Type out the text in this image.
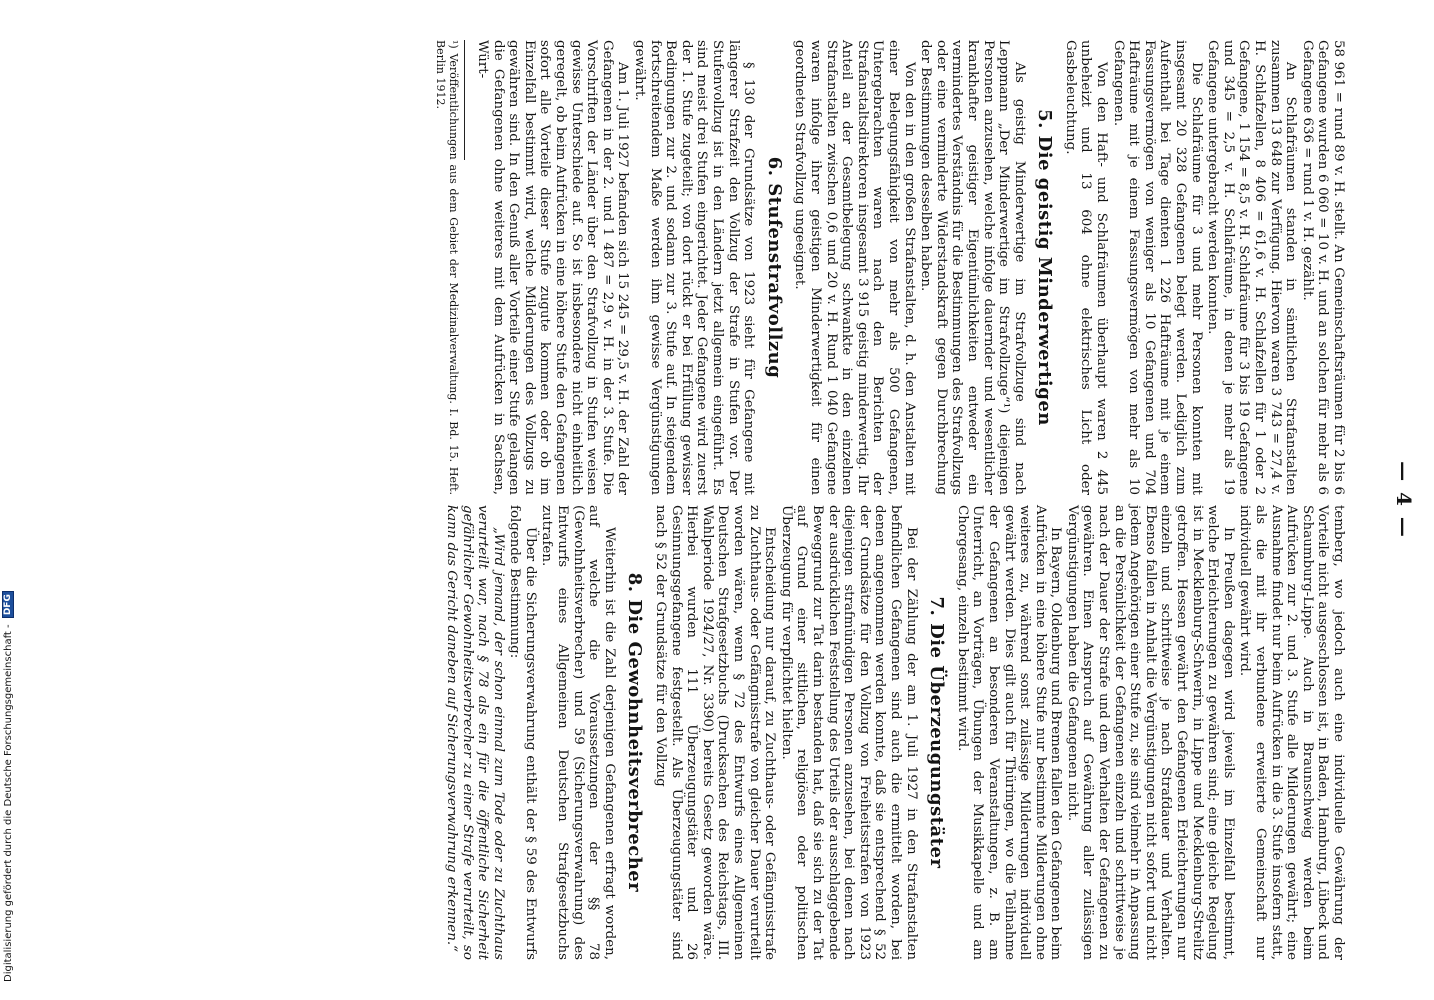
— 4 —

58 961 = rund 89 v. H. stellt. An Gemeinschaftsräumen für 2 bis 6 Gefangene wurden 6 060 = 10 v. H. und an solchen für mehr als 6 Gefangene 636 = rund 1 v. H. gezählt.

An Schlafräumen standen in sämtlichen Strafanstalten zusammen 13 648 zur Verfügung. Hiervon waren 3 743 = 27,4 v. H. Schlafzellen, 8 406 = 61,6 v. H. Schlafzellen für 1 oder 2 Gefangene, 1 154 = 8,5 v. H. Schlafräume für 3 bis 19 Gefangene und 345 = 2,5 v. H. Schlafräume, in denen je mehr als 19 Gefangene untergebracht werden konnten.

Die Schlafräume für 3 und mehr Personen konnten mit insgesamt 20 328 Gefangenen belegt werden. Lediglich zum Aufenthalt bei Tage dienten 1 226 Hafträume mit je einem Fassungsvermögen von weniger als 10 Gefangenen und 704 Hafträume mit je einem Fassungsvermögen von mehr als 10 Gefangenen.

Von den Haft- und Schlafräumen überhaupt waren 2 445 unbeheizt und 13 604 ohne elektrisches Licht oder Gasbeleuchtung.

5. Die geistig Minderwertigen

Als geistig Minderwertige im Strafvollzuge sind nach Leppmann „Der Minderwertige im Strafvollzuge“¹) diejenigen Personen anzusehen, welche infolge dauernder und wesentlicher krankhafter geistiger Eigentümlichkeiten entweder ein vermindertes Verständnis für die Bestimmungen des Strafvollzugs oder eine verminderte Widerstandskraft gegen Durchbrechung der Bestimmungen desselben haben.

Von den in den großen Strafanstalten, d. h. den Anstalten mit einer Belegungsfähigkeit von mehr als 500 Gefangenen, Untergebrachten waren nach den Berichten der Strafanstaltsdirektoren insgesamt 3 915 geistig minderwertig. Ihr Anteil an der Gesamtbelegung schwankte in den einzelnen Strafanstalten zwischen 0,6 und 20 v. H. Rund 1 040 Gefangene waren infolge ihrer geistigen Minderwertigkeit für einen geordneten Strafvollzug ungeeignet.

6. Stufenstrafvollzug

§ 130 der Grundsätze von 1923 sieht für Gefangene mit längerer Strafzeit den Vollzug der Strafe in Stufen vor. Der Stufenvollzug ist in den Ländern jetzt allgemein eingeführt. Es sind meist drei Stufen eingerichtet. Jeder Gefangene wird zuerst der 1. Stufe zugeteilt; von dort rückt er bei Erfüllung gewisser Bedingungen zur 2. und sodann zur 3. Stufe auf. In steigendem fortschreitendem Maße werden ihm gewisse Vergünstigungen gewährt.

Am 1. Juli 1927 befanden sich 15 245 = 29,5 v. H. der Zahl der Gefangenen in der 2. und 1 487 = 2,9 v. H. in der 3. Stufe. Die Vorschriften der Länder über den Strafvollzug in Stufen weisen gewisse Unterschiede auf. So ist insbesondere nicht einheitlich geregelt, ob beim Aufrücken in eine höhere Stufe den Gefangenen sofort alle Vorteile dieser Stufe zugute kommen oder ob im Einzelfall bestimmt wird, welche Milderungen des Vollzugs zu gewähren sind. In den Genuß aller Vorteile einer Stufe gelangen die Gefangenen ohne weiteres mit dem Aufrücken in Sachsen, Würt-

¹) Veröffentlichungen aus dem Gebiet der Medizinalverwaltung. I. Bd. 15. Heft. Berlin 1912.

temberg, wo jedoch auch eine individuelle Gewährung der Vorteile nicht ausgeschlossen ist, in Baden, Hamburg, Lübeck und Schaumburg-Lippe. Auch in Braunschweig werden beim Aufrücken zur 2. und 3. Stufe alle Milderungen gewährt; eine Ausnahme findet nur beim Aufrücken in die 3. Stufe insofern statt, als die mit ihr verbundene erweiterte Gemeinschaft nur individuell gewährt wird.

In Preußen dagegen wird jeweils im Einzelfall bestimmt, welche Erleichterungen zu gewähren sind; eine gleiche Regelung ist in Mecklenburg-Schwerin, in Lippe und Mecklenburg-Strelitz getroffen. Hessen gewährt den Gefangenen Erleichterungen nur einzeln und schrittweise je nach Strafdauer und Verhalten. Ebenso fallen in Anhalt die Vergünstigungen nicht sofort und nicht jedem Angehörigen einer Stufe zu, sie sind vielmehr in Anpassung an die Persönlichkeit der Gefangenen einzeln und schrittweise je nach der Dauer der Strafe und dem Verhalten der Gefangenen zu gewähren. Einen Anspruch auf Gewährung aller zulässigen Vergünstigungen haben die Gefangenen nicht.

In Bayern, Oldenburg und Bremen fallen den Gefangenen beim Aufrücken in eine höhere Stufe nur bestimmte Milderungen ohne weiteres zu, während sonst zulässige Milderungen individuell gewährt werden. Dies gilt auch für Thüringen, wo die Teilnahme der Gefangenen an besonderen Veranstaltungen, z. B. am Unterricht, an Vorträgen, Übungen der Musikkapelle und am Chorgesang, einzeln bestimmt wird.

7. Die Überzeugungstäter

Bei der Zählung der am 1. Juli 1927 in den Strafanstalten befindlichen Gefangenen sind auch die ermittelt worden, bei denen angenommen werden konnte, daß sie entsprechend § 52 der Grundsätze für den Vollzug von Freiheitsstrafen von 1923 diejenigen strafmündigen Personen anzusehen, bei denen nach der ausdrücklichen Feststellung des Urteils der ausschlaggebende Beweggrund zur Tat darin bestanden hat, daß sie sich zu der Tat auf Grund einer sittlichen, religiösen oder politischen Überzeugung für verpflichtet hielten.

Entscheidung nur darauf, zu Zuchthaus- oder Gefängnisstrafe zu Zuchthaus- oder Gefängnisstrafe von gleicher Dauer verurteilt worden wären, wenn § 72 des Entwurfs eines Allgemeinen Deutschen Strafgesetzbuchs (Drucksachen des Reichstags, III. Wahlperiode 1924/27, Nr. 3390) bereits Gesetz geworden wäre. Hierbei wurden 111 Überzeugungstäter und 26 Gesinnungsgefangene festgestellt. Als Überzeugungstäter sind nach § 52 der Grundsätze für den Vollzug

8. Die Gewohnheitsverbrecher

Weiterhin ist die Zahl derjenigen Gefangenen erfragt worden, auf welche die Voraussetzungen der §§ 78 (Gewohnheitsverbrecher) und 59 (Sicherungsverwahrung) des Entwurfs eines Allgemeinen Deutschen Strafgesetzbuchs zutrafen.

Über die Sicherungsverwahrung enthält der § 59 des Entwurfs folgende Bestimmung:

„Wird jemand, der schon einmal zum Tode oder zu Zuchthaus verurteilt war, nach § 78 als ein für die öffentliche Sicherheit gefährlicher Gewohnheitsverbrecher zu einer Strafe verurteilt, so kann das Gericht daneben auf Sicherungsverwahrung erkennen.“

Digitalisierung gefördert durch die Deutsche Forschungsgemeinschaft - DFG
